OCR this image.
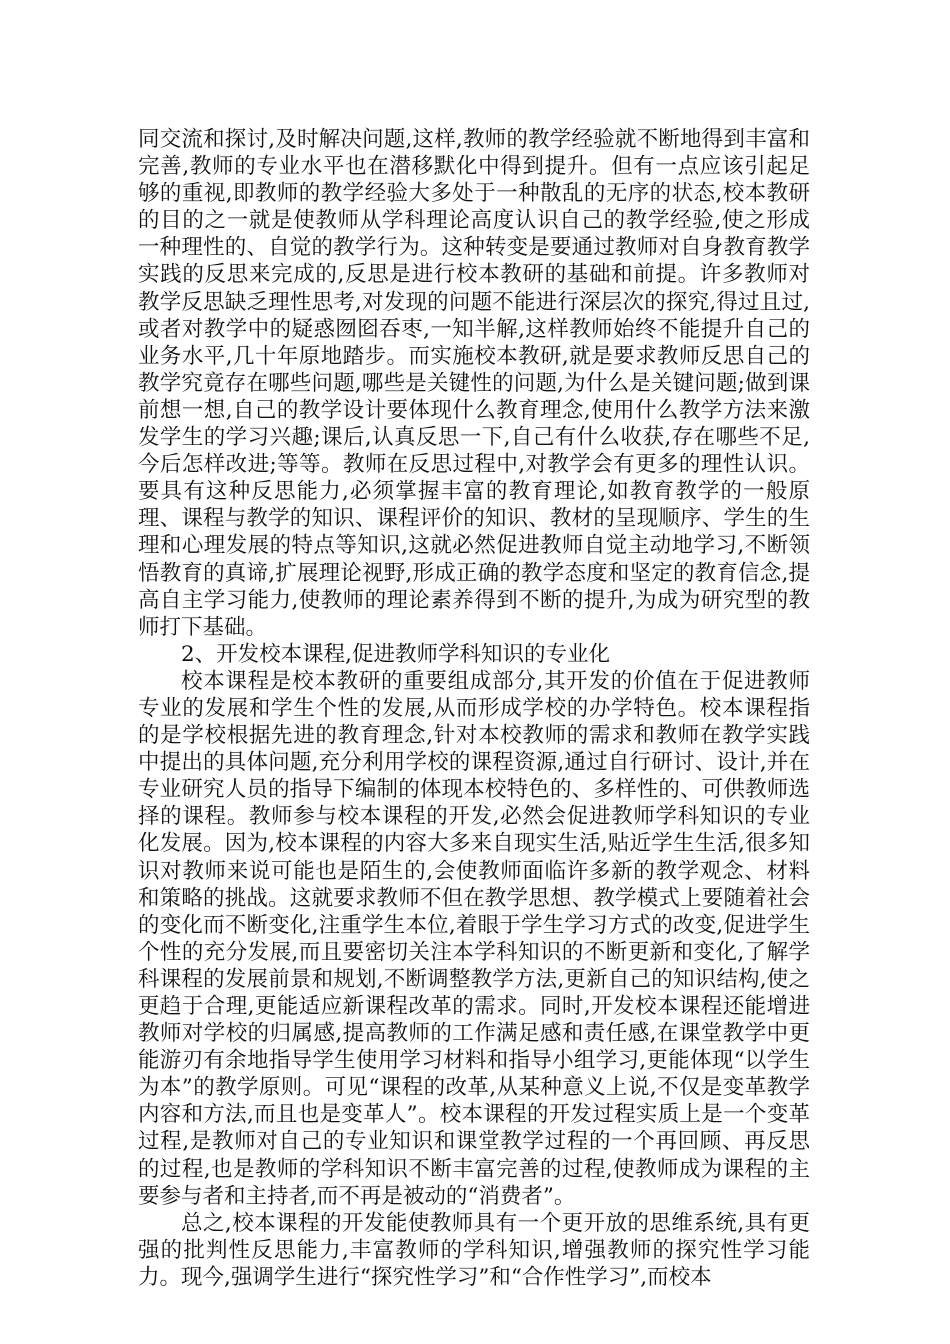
同交流和探讨,及时解决问题,这样,教师的教学经验就不断地得到丰富和完善,教师的专业水平也在潜移默化中得到提升。但有一点应该引起足够的重视,即教师的教学经验大多处于一种散乱的无序的状态,校本教研的目的之一就是使教师从学科理论高度认识自己的教学经验,使之形成一种理性的、自觉的教学行为。这种转变是要通过教师对自身教育教学实践的反思来完成的,反思是进行校本教研的基础和前提。许多教师对教学反思缺乏理性思考,对发现的问题不能进行深层次的探究,得过且过,或者对教学中的疑惑囫囵吞枣,一知半解,这样教师始终不能提升自己的业务水平,几十年原地踏步。而实施校本教研,就是要求教师反思自己的教学究竟存在哪些问题,哪些是关键性的问题,为什么是关键问题;做到课前想一想,自己的教学设计要体现什么教育理念,使用什么教学方法来激发学生的学习兴趣;课后,认真反思一下,自己有什么收获,存在哪些不足,今后怎样改进;等等。教师在反思过程中,对教学会有更多的理性认识。要具有这种反思能力,必须掌握丰富的教育理论,如教育教学的一般原理、课程与教学的知识、课程评价的知识、教材的呈现顺序、学生的生理和心理发展的特点等知识,这就必然促进教师自觉主动地学习,不断领悟教育的真谛,扩展理论视野,形成正确的教学态度和坚定的教育信念,提高自主学习能力,使教师的理论素养得到不断的提升,为成为研究型的教师打下基础。

2、开发校本课程,促进教师学科知识的专业化

校本课程是校本教研的重要组成部分,其开发的价值在于促进教师专业的发展和学生个性的发展,从而形成学校的办学特色。校本课程指的是学校根据先进的教育理念,针对本校教师的需求和教师在教学实践中提出的具体问题,充分利用学校的课程资源,通过自行研讨、设计,并在专业研究人员的指导下编制的体现本校特色的、多样性的、可供教师选择的课程。教师参与校本课程的开发,必然会促进教师学科知识的专业化发展。因为,校本课程的内容大多来自现实生活,贴近学生生活,很多知识对教师来说可能也是陌生的,会使教师面临许多新的教学观念、材料和策略的挑战。这就要求教师不但在教学思想、教学模式上要随着社会的变化而不断变化,注重学生本位,着眼于学生学习方式的改变,促进学生个性的充分发展,而且要密切关注本学科知识的不断更新和变化,了解学科课程的发展前景和规划,不断调整教学方法,更新自己的知识结构,使之更趋于合理,更能适应新课程改革的需求。同时,开发校本课程还能增进教师对学校的归属感,提高教师的工作满足感和责任感,在课堂教学中更能游刃有余地指导学生使用学习材料和指导小组学习,更能体现“以学生为本”的教学原则。可见“课程的改革,从某种意义上说,不仅是变革教学内容和方法,而且也是变革人”。校本课程的开发过程实质上是一个变革过程,是教师对自己的专业知识和课堂教学过程的一个再回顾、再反思的过程,也是教师的学科知识不断丰富完善的过程,使教师成为课程的主要参与者和主持者,而不再是被动的“消费者”。

总之,校本课程的开发能使教师具有一个更开放的思维系统,具有更强的批判性反思能力,丰富教师的学科知识,增强教师的探究性学习能力。现今,强调学生进行“探究性学习”和“合作性学习”,而校本
